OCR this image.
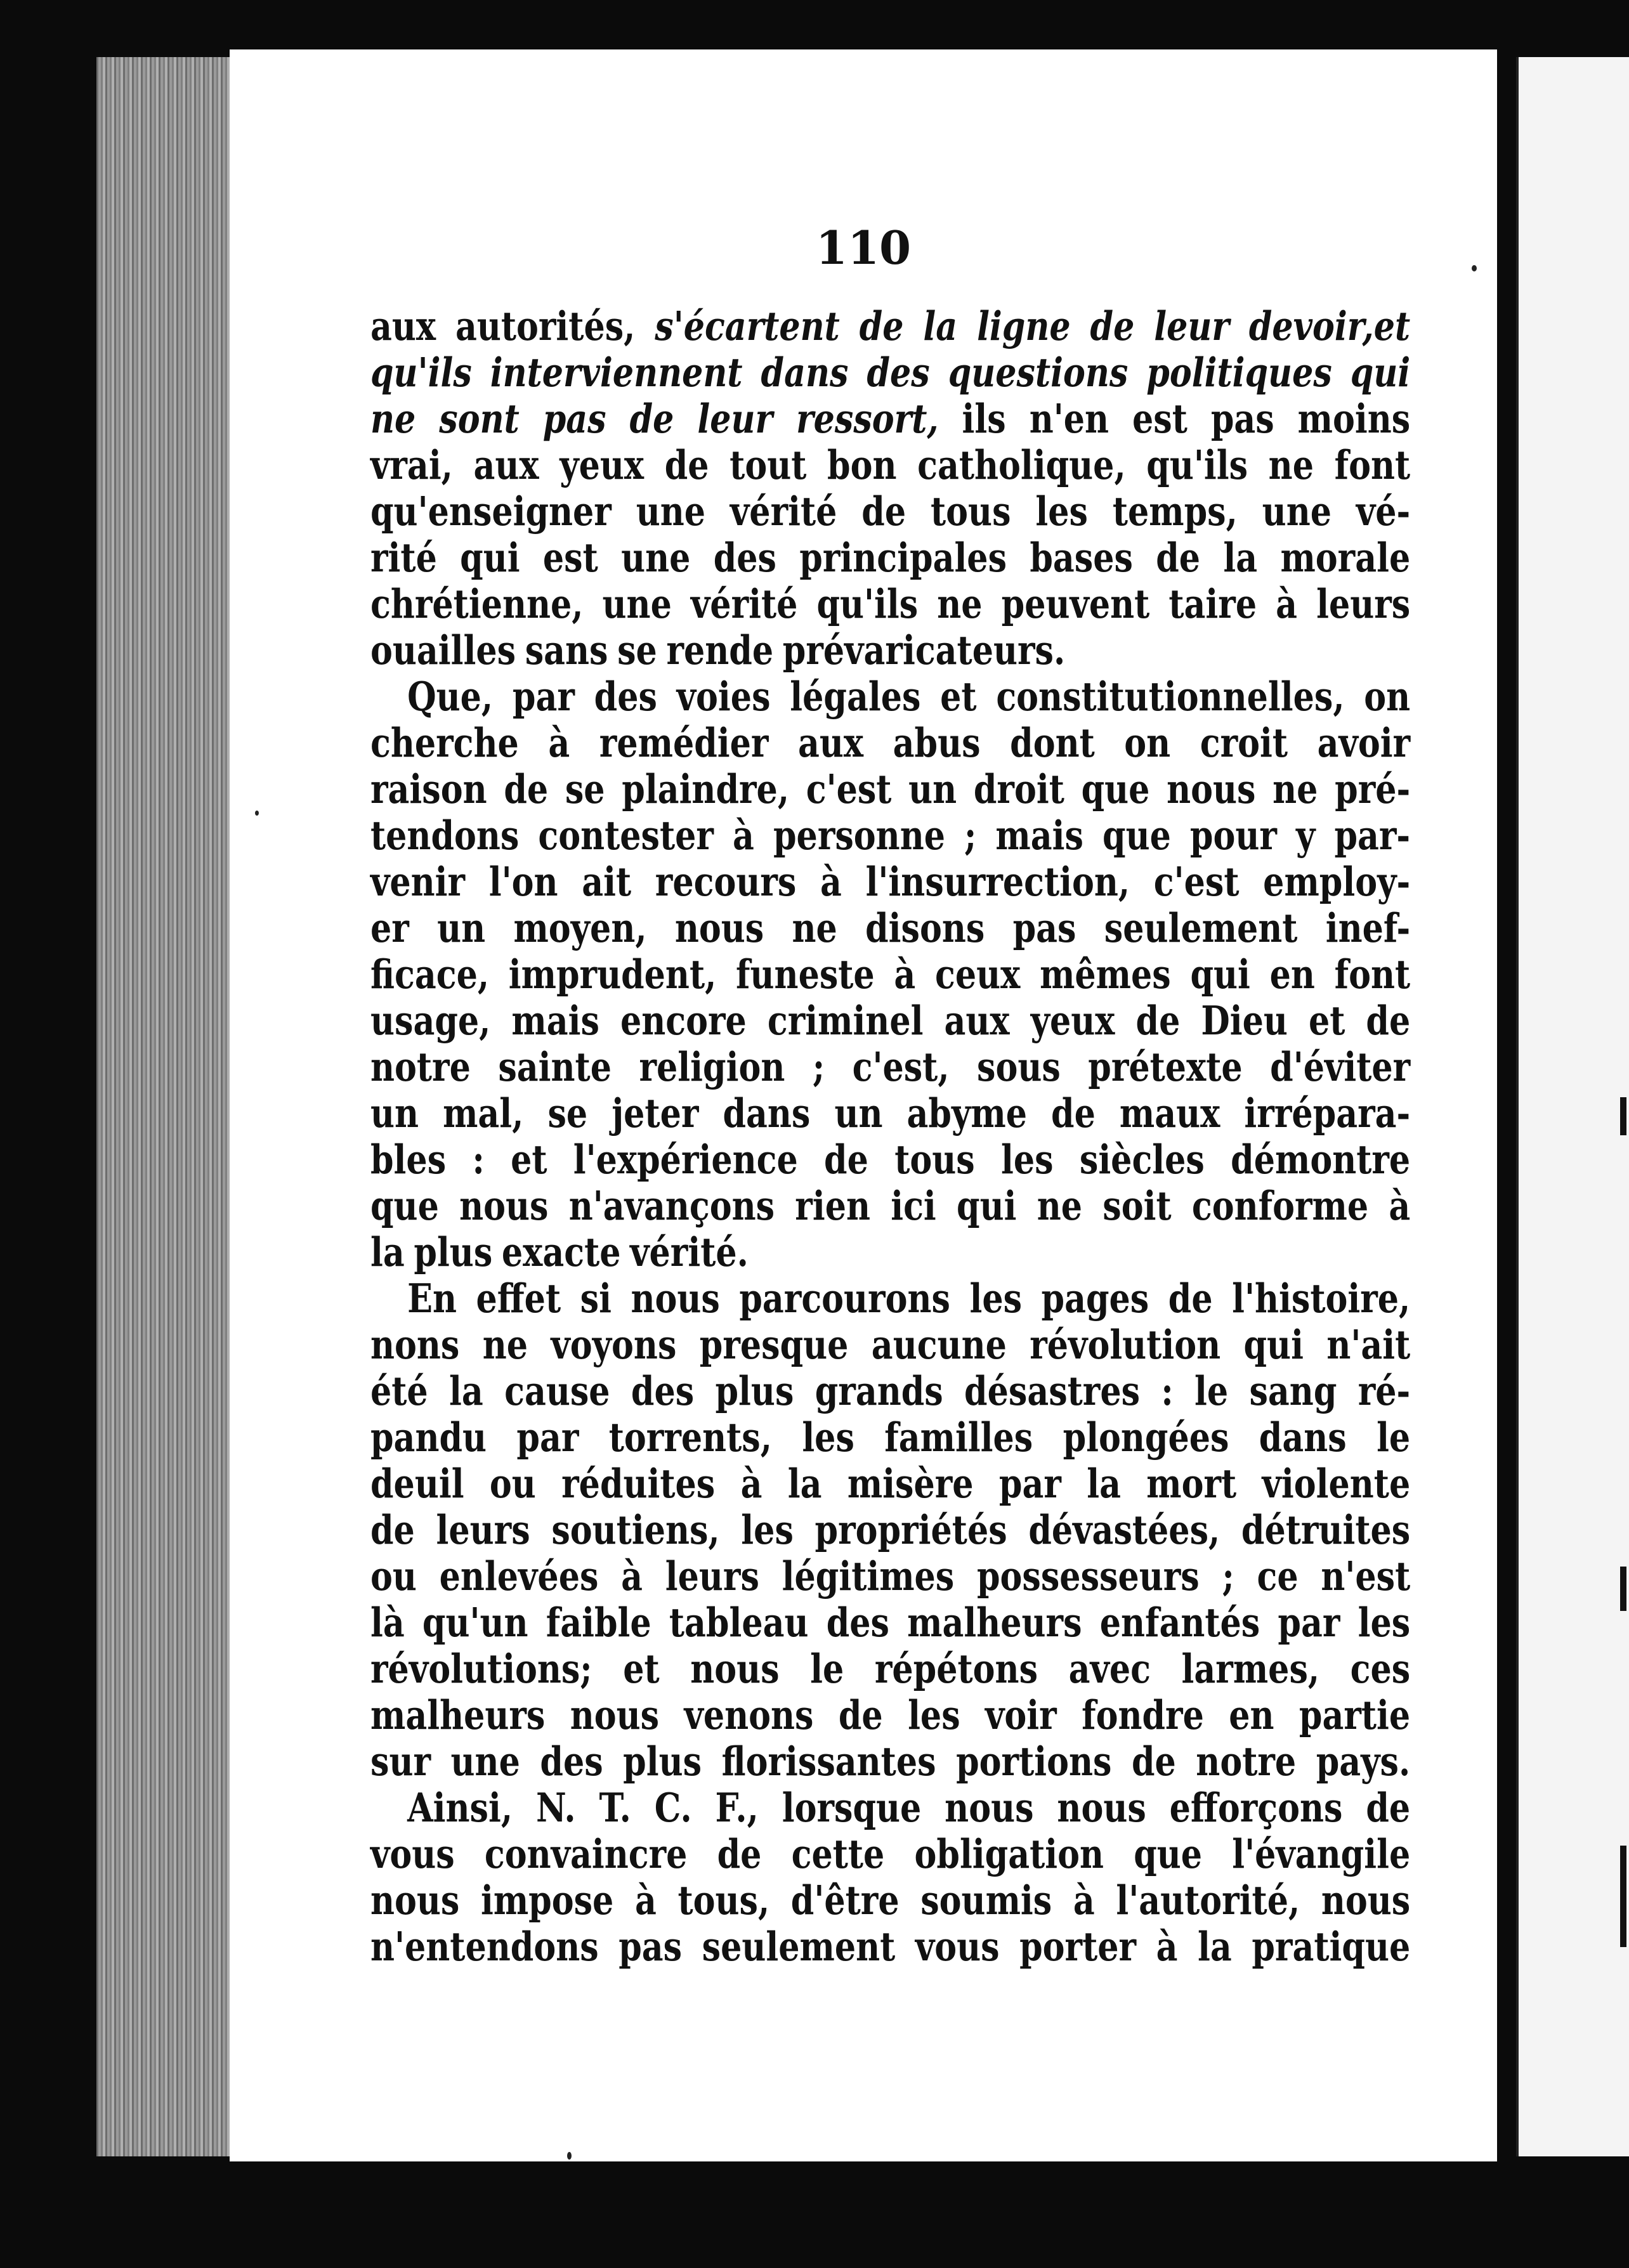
110
aux autorités, s'écartent de la ligne de leur devoir,et
qu'ils interviennent dans des questions politiques qui
ne sont pas de leur ressort, ils n'en est pas moins
vrai, aux yeux de tout bon catholique, qu'ils ne font
qu'enseigner une vérité de tous les temps, une vé-
rité qui est une des principales bases de la morale
chrétienne, une vérité qu'ils ne peuvent taire à leurs
ouailles sans se rende prévaricateurs.
Que, par des voies légales et constitutionnelles, on
cherche à remédier aux abus dont on croit avoir
raison de se plaindre, c'est un droit que nous ne pré-
tendons contester à personne ; mais que pour y par-
venir l'on ait recours à l'insurrection, c'est employ-
er un moyen, nous ne disons pas seulement inef-
ficace, imprudent, funeste à ceux mêmes qui en font
usage, mais encore criminel aux yeux de Dieu et de
notre sainte religion ; c'est, sous prétexte d'éviter
un mal, se jeter dans un abyme de maux irrépara-
bles : et l'expérience de tous les siècles démontre
que nous n'avançons rien ici qui ne soit conforme à
la plus exacte vérité.
En effet si nous parcourons les pages de l'histoire,
nons ne voyons presque aucune révolution qui n'ait
été la cause des plus grands désastres : le sang ré-
pandu par torrents, les familles plongées dans le
deuil ou réduites à la misère par la mort violente
de leurs soutiens, les propriétés dévastées, détruites
ou enlevées à leurs légitimes possesseurs ; ce n'est
là qu'un faible tableau des malheurs enfantés par les
révolutions; et nous le répétons avec larmes, ces
malheurs nous venons de les voir fondre en partie
sur une des plus florissantes portions de notre pays.
Ainsi, N. T. C. F., lorsque nous nous efforçons de
vous convaincre de cette obligation que l'évangile
nous impose à tous, d'être soumis à l'autorité, nous
n'entendons pas seulement vous porter à la pratique
